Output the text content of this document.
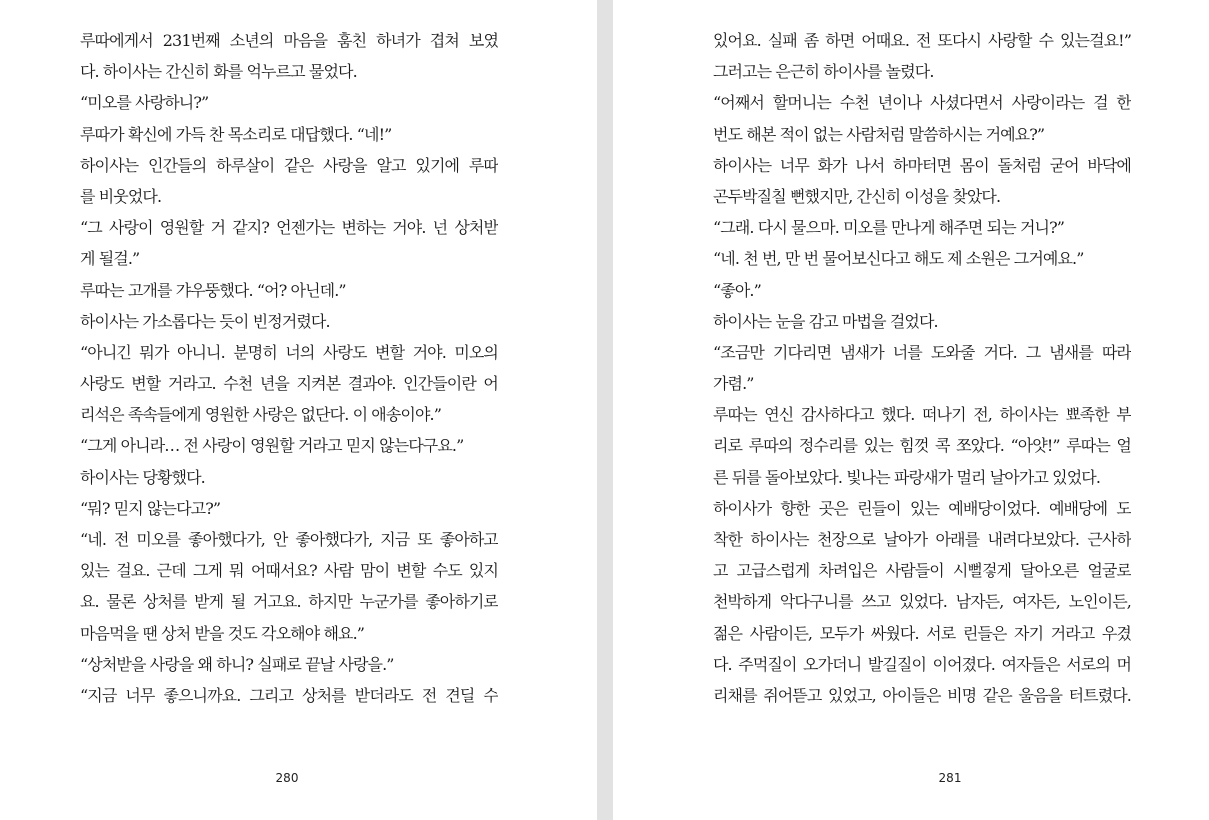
루따에게서 231번째 소년의 마음을 훔친 하녀가 겹쳐 보였
다. 하이사는 간신히 화를 억누르고 물었다.
“미오를 사랑하니?”
루따가 확신에 가득 찬 목소리로 대답했다. “네!”
하이사는 인간들의 하루살이 같은 사랑을 알고 있기에 루따
를 비웃었다.
“그 사랑이 영원할 거 같지? 언젠가는 변하는 거야. 넌 상처받
게 될걸.”
루따는 고개를 갸우뚱했다. “어? 아닌데.”
하이사는 가소롭다는 듯이 빈정거렸다.
“아니긴 뭐가 아니니. 분명히 너의 사랑도 변할 거야. 미오의
사랑도 변할 거라고. 수천 년을 지켜본 결과야. 인간들이란 어
리석은 족속들에게 영원한 사랑은 없단다. 이 애송이야.”
“그게 아니라… 전 사랑이 영원할 거라고 믿지 않는다구요.”
하이사는 당황했다.
“뭐? 믿지 않는다고?”
“네. 전 미오를 좋아했다가, 안 좋아했다가, 지금 또 좋아하고
있는 걸요. 근데 그게 뭐 어때서요? 사람 맘이 변할 수도 있지
요. 물론 상처를 받게 될 거고요. 하지만 누군가를 좋아하기로
마음먹을 땐 상처 받을 것도 각오해야 해요.”
“상처받을 사랑을 왜 하니? 실패로 끝날 사랑을.”
“지금 너무 좋으니까요. 그리고 상처를 받더라도 전 견딜 수
280	281
있어요. 실패 좀 하면 어때요. 전 또다시 사랑할 수 있는걸요!”
그러고는 은근히 하이사를 놀렸다.
“어째서 할머니는 수천 년이나 사셨다면서 사랑이라는 걸 한
번도 해본 적이 없는 사람처럼 말씀하시는 거예요?”
하이사는 너무 화가 나서 하마터면 몸이 돌처럼 굳어 바닥에
곤두박질칠 뻔했지만, 간신히 이성을 찾았다.
“그래. 다시 물으마. 미오를 만나게 해주면 되는 거니?”
“네. 천 번, 만 번 물어보신다고 해도 제 소원은 그거예요.”
“좋아.”
하이사는 눈을 감고 마법을 걸었다.
“조금만 기다리면 냄새가 너를 도와줄 거다. 그 냄새를 따라
가렴.”
루따는 연신 감사하다고 했다. 떠나기 전, 하이사는 뾰족한 부
리로 루따의 정수리를 있는 힘껏 콕 쪼았다. “아얏!” 루따는 얼
른 뒤를 돌아보았다. 빛나는 파랑새가 멀리 날아가고 있었다.
하이사가 향한 곳은 린들이 있는 예배당이었다. 예배당에 도
착한 하이사는 천장으로 날아가 아래를 내려다보았다. 근사하
고 고급스럽게 차려입은 사람들이 시뻘겋게 달아오른 얼굴로
천박하게 악다구니를 쓰고 있었다. 남자든, 여자든, 노인이든,
젊은 사람이든, 모두가 싸웠다. 서로 린들은 자기 거라고 우겼
다. 주먹질이 오가더니 발길질이 이어졌다. 여자들은 서로의 머
리채를 쥐어뜯고 있었고, 아이들은 비명 같은 울음을 터트렸다.
